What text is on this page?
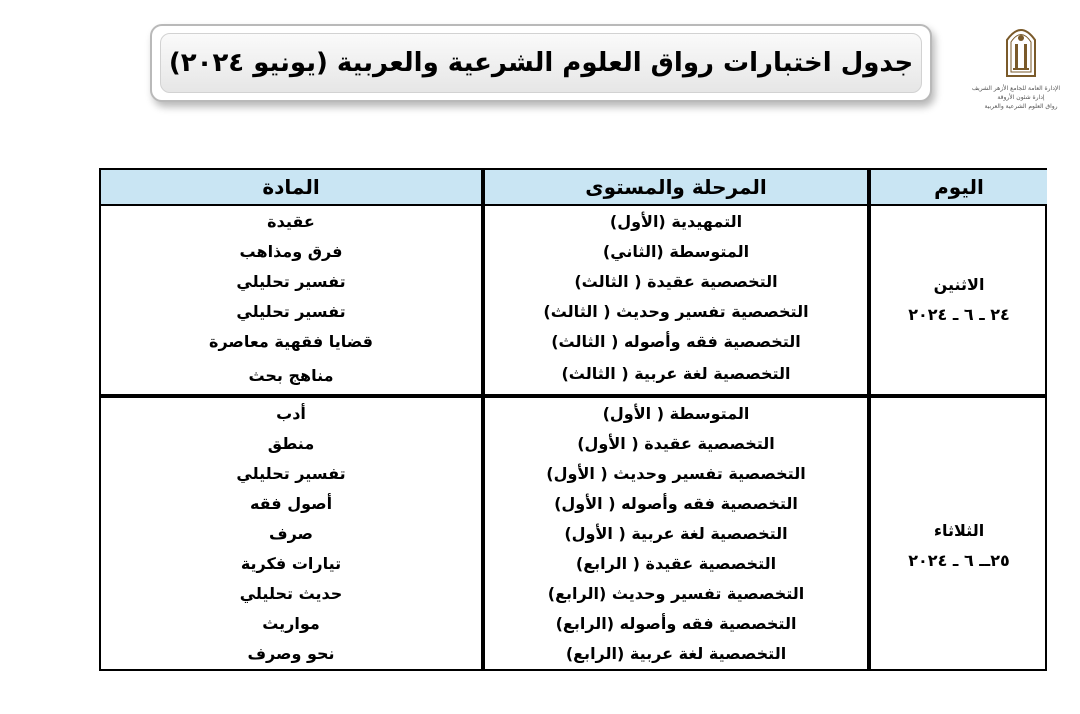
جدول اختبارات رواق العلوم الشرعية والعربية (يونيو ٢٠٢٤)
الإدارة العامة للجامع الأزهر الشريف
إدارة شئون الأروقة
رواق العلوم الشرعية والعربية
المادة	المرحلة والمستوى	اليوم
عقيدة	التمهيدية (الأول)
فرق ومذاهب	المتوسطة (الثاني)
تفسير تحليلي	التخصصية عقيدة ( الثالث)
تفسير تحليلي	التخصصية تفسير وحديث ( الثالث)
قضايا فقهية معاصرة	التخصصية فقه وأصوله ( الثالث)
مناهج بحث	التخصصية لغة عربية ( الثالث)
الاثنين
٢٤ ـ ٦ ـ ٢٠٢٤
أدب	المتوسطة ( الأول)
منطق	التخصصية عقيدة ( الأول)
تفسير تحليلي	التخصصية تفسير وحديث ( الأول)
أصول فقه	التخصصية فقه وأصوله ( الأول)
صرف	التخصصية لغة عربية ( الأول)
تيارات فكرية	التخصصية عقيدة ( الرابع)
حديث تحليلي	التخصصية تفسير وحديث (الرابع)
مواريث	التخصصية فقه وأصوله (الرابع)
نحو وصرف	التخصصية لغة عربية (الرابع)
الثلاثاء
٢٥ــ ٦ ـ ٢٠٢٤
